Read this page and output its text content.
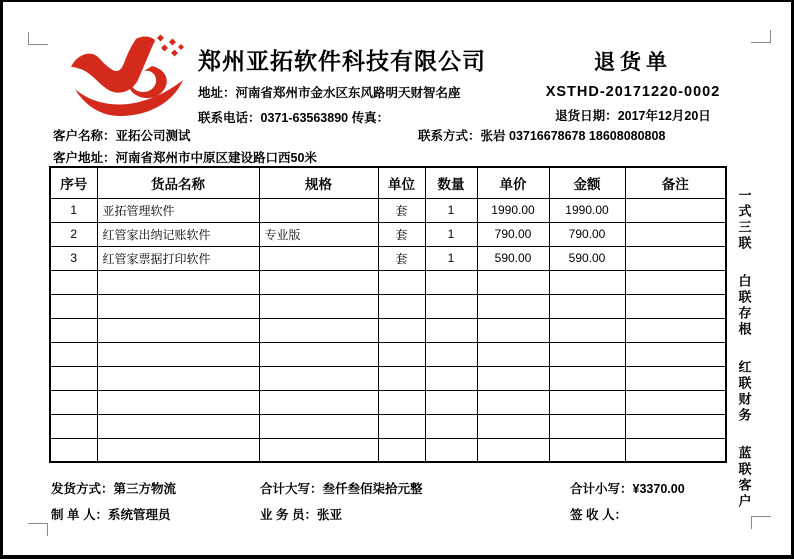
郑州亚拓软件科技有限公司
地址：河南省郑州市金水区东风路明天财智名座
联系电话：0371-63563890 传真：
退货单
XSTHD-20171220-0002
退货日期：2017年12月20日
客户名称：亚拓公司测试	联系方式：张岩 03716678678 18608080808
客户地址：河南省郑州市中原区建设路口西50米
序号	货品名称	规格	单位	数量	单价	金额	备注
1	亚拓管理软件		套	1	1990.00	1990.00	
2	红管家出纳记账软件	专业版	套	1	790.00	790.00	
3	红管家票据打印软件		套	1	590.00	590.00	

一式三联
白联存根
红联财务
蓝联客户
发货方式：第三方物流	合计大写：叁仟叁佰柒拾元整	合计小写：¥3370.00
制 单 人：系统管理员	业 务 员：张亚	签 收 人：
